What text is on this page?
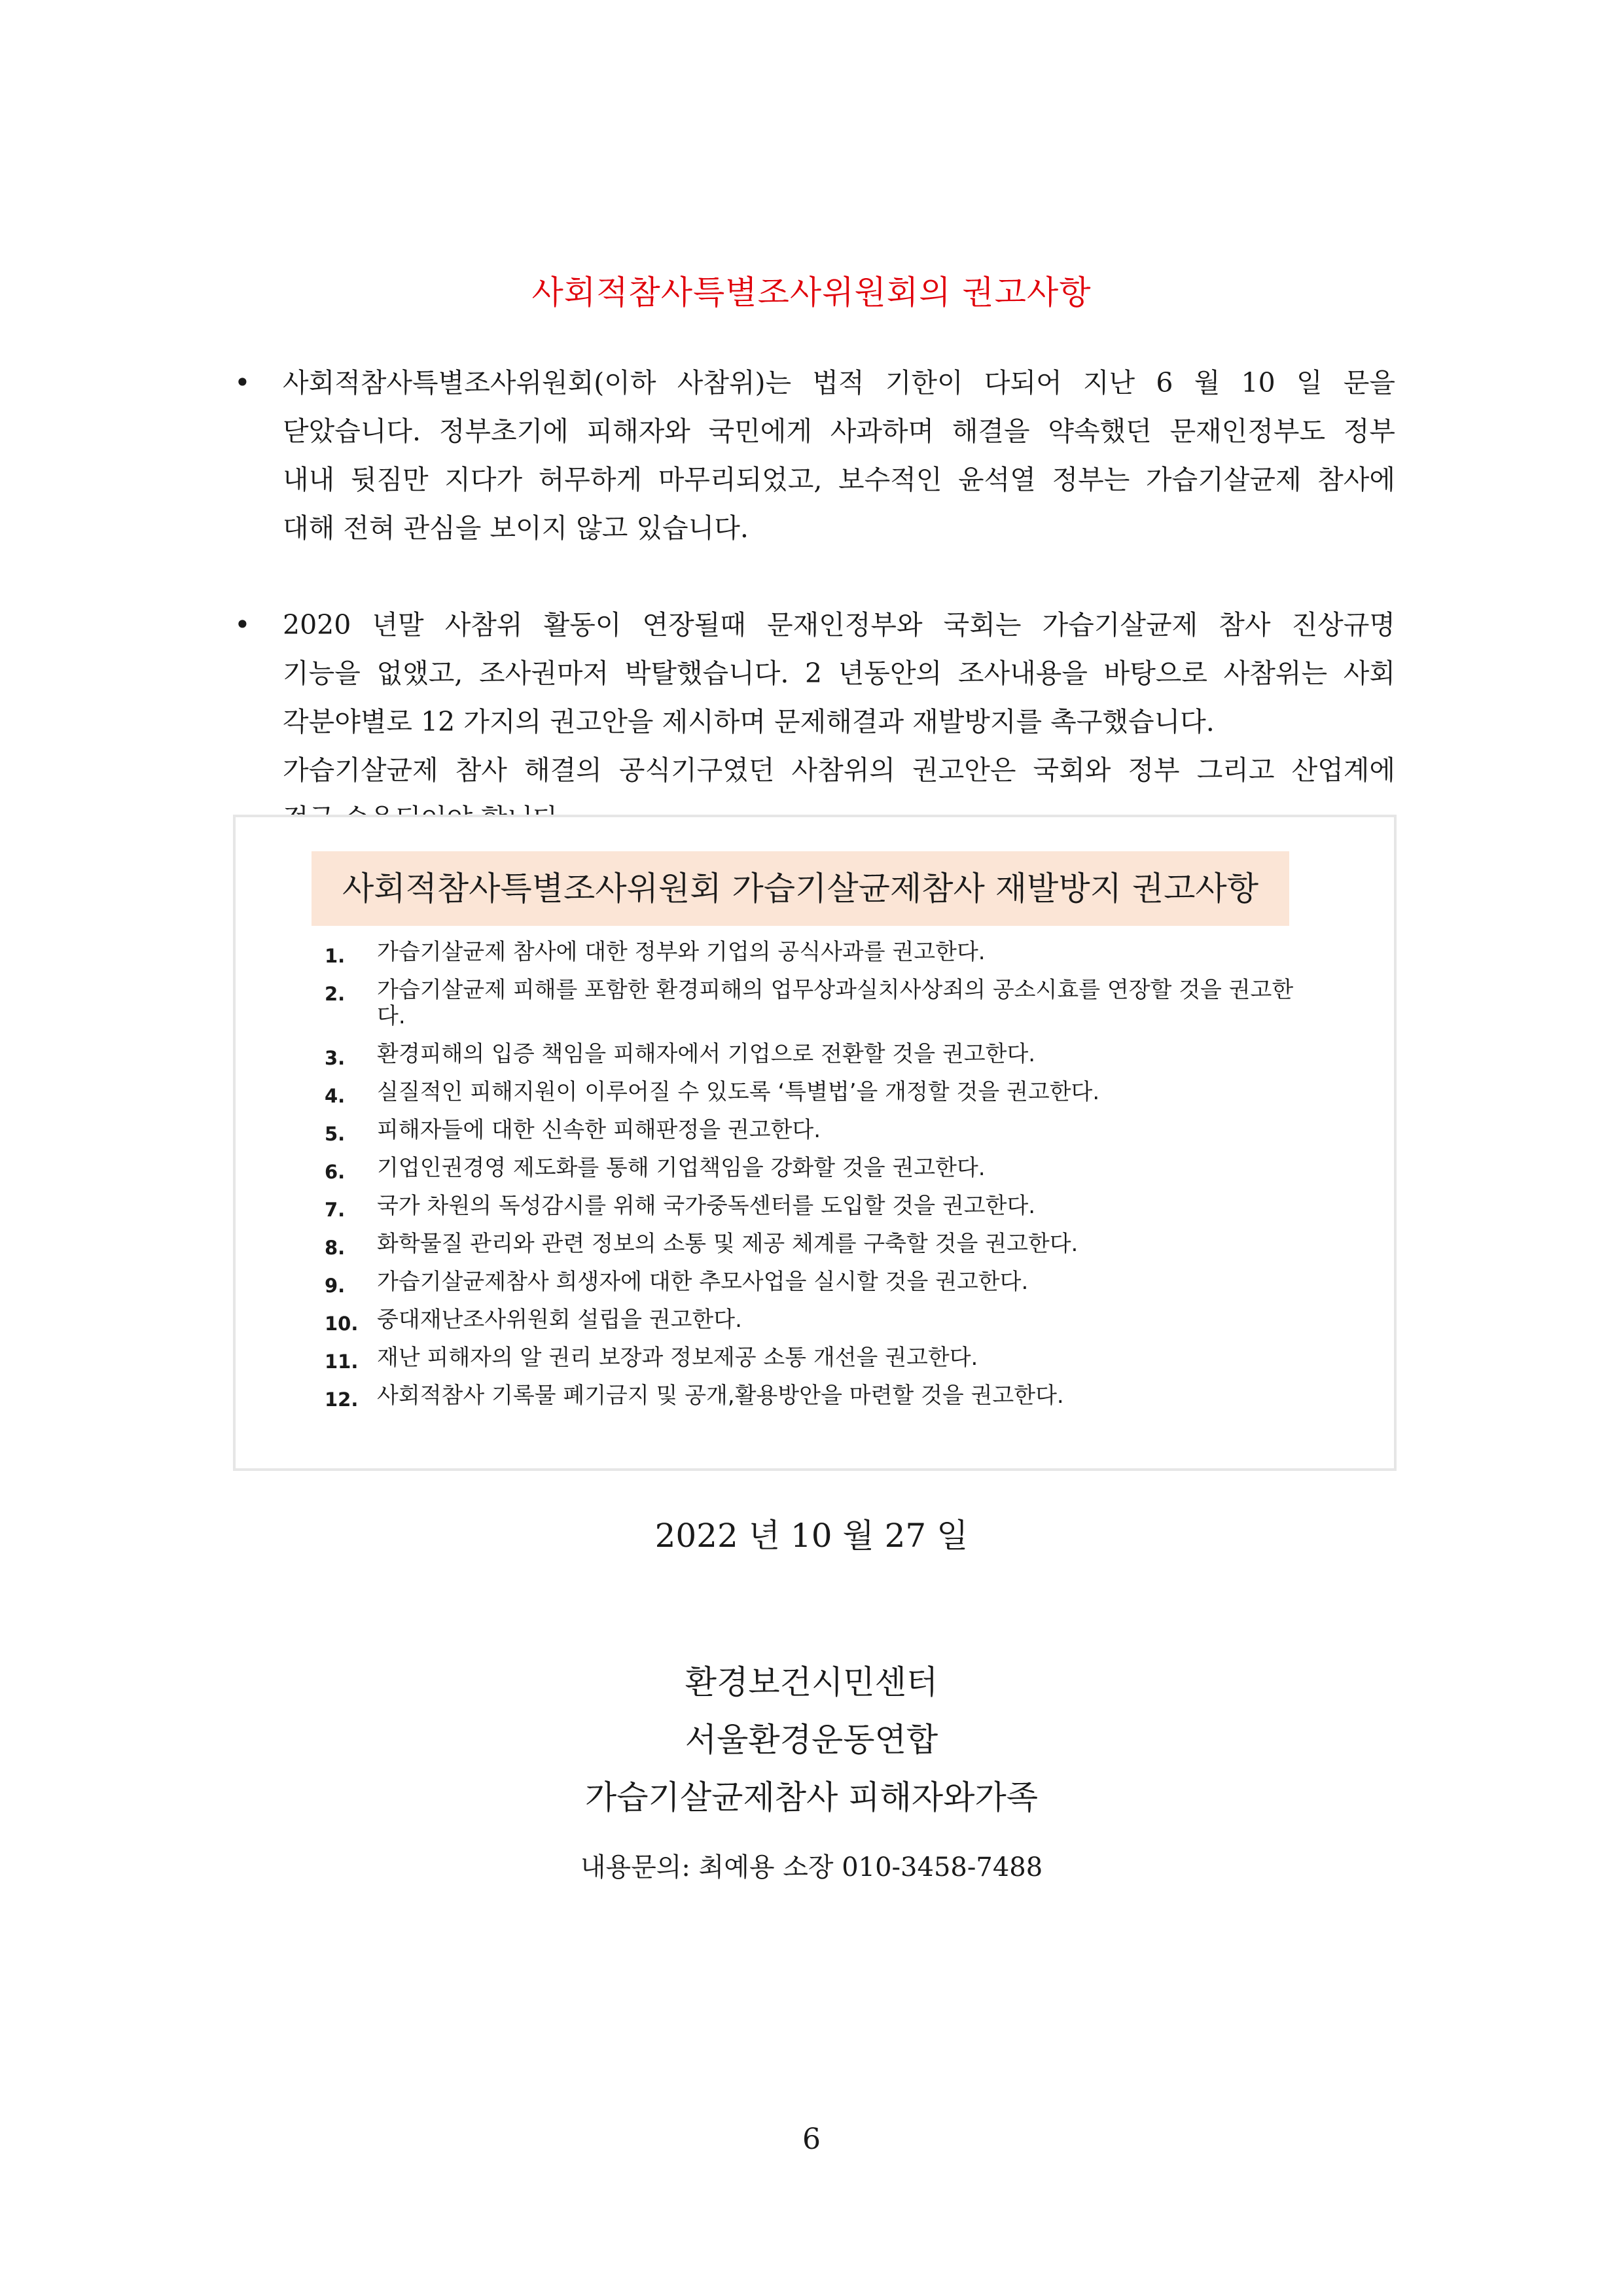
사회적참사특별조사위원회의 권고사항
• 사회적참사특별조사위원회(이하 사참위)는 법적 기한이 다되어 지난 6 월 10 일 문을
닫았습니다. 정부초기에 피해자와 국민에게 사과하며 해결을 약속했던 문재인정부도 정부
내내 뒷짐만 지다가 허무하게 마무리되었고, 보수적인 윤석열 정부는 가습기살균제 참사에
대해 전혀 관심을 보이지 않고 있습니다.
• 2020 년말 사참위 활동이 연장될때 문재인정부와 국회는 가습기살균제 참사 진상규명
기능을 없앴고, 조사권마저 박탈했습니다. 2 년동안의 조사내용을 바탕으로 사참위는 사회
각분야별로 12 가지의 권고안을 제시하며 문제해결과 재발방지를 촉구했습니다.
가습기살균제 참사 해결의 공식기구였던 사참위의 권고안은 국회와 정부 그리고 산업계에
사회적참사특별조사위원회 가습기살균제참사 재발방지 권고사항
1. 가습기살균제 참사에 대한 정부와 기업의 공식사과를 권고한다.
2. 가습기살균제 피해를 포함한 환경피해의 업무상과실치사상죄의 공소시효를 연장할 것을 권고한다.
3. 환경피해의 입증 책임을 피해자에서 기업으로 전환할 것을 권고한다.
4. 실질적인 피해지원이 이루어질 수 있도록 ‘특별법’을 개정할 것을 권고한다.
5. 피해자들에 대한 신속한 피해판정을 권고한다.
6. 기업인권경영 제도화를 통해 기업책임을 강화할 것을 권고한다.
7. 국가 차원의 독성감시를 위해 국가중독센터를 도입할 것을 권고한다.
8. 화학물질 관리와 관련 정보의 소통 및 제공 체계를 구축할 것을 권고한다.
9. 가습기살균제참사 희생자에 대한 추모사업을 실시할 것을 권고한다.
10. 중대재난조사위원회 설립을 권고한다.
11. 재난 피해자의 알 권리 보장과 정보제공 소통 개선을 권고한다.
12. 사회적참사 기록물 폐기금지 및 공개,활용방안을 마련할 것을 권고한다.
2022 년 10 월 27 일
환경보건시민센터
서울환경운동연합
가습기살균제참사 피해자와가족
내용문의: 최예용 소장 010-3458-7488
6
